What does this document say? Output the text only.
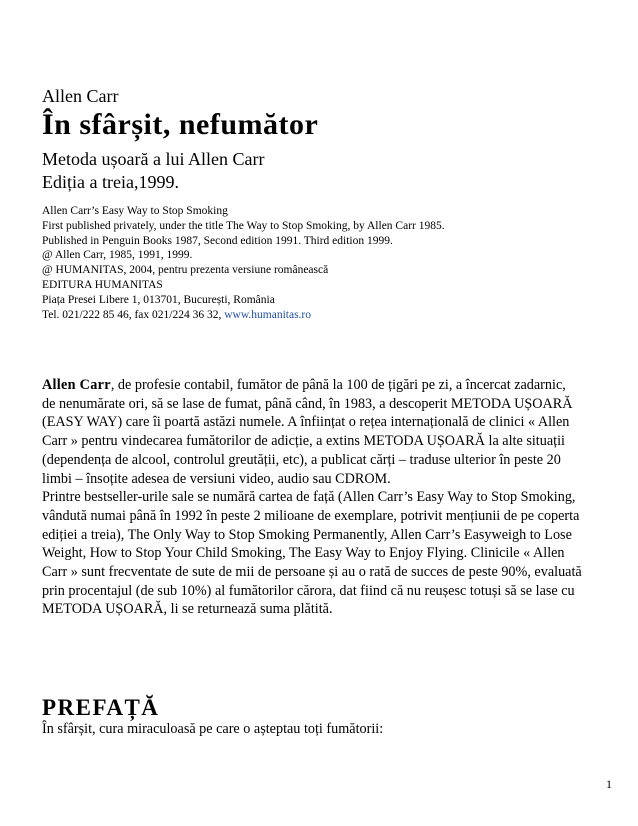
Allen Carr
În sfârșit, nefumător
Metoda ușoară a lui Allen Carr
Ediția a treia,1999.
Allen Carr’s Easy Way to Stop Smoking
First published privately, under the title The Way to Stop Smoking, by Allen Carr 1985.
Published in Penguin Books 1987, Second edition 1991. Third edition 1999.
@ Allen Carr, 1985, 1991, 1999.
@ HUMANITAS, 2004, pentru prezenta versiune românească
EDITURA HUMANITAS
Piața Presei Libere 1, 013701, București, România
Tel. 021/222 85 46, fax 021/224 36 32, www.humanitas.ro
Allen Carr, de profesie contabil, fumător de până la 100 de țigări pe zi, a încercat zadarnic,
de nenumărate ori, să se lase de fumat, până când, în 1983, a descoperit METODA UȘOARĂ
(EASY WAY) care îi poartă astăzi numele. A înființat o rețea internațională de clinici « Allen
Carr » pentru vindecarea fumătorilor de adicție, a extins METODA UȘOARĂ la alte situații
(dependența de alcool, controlul greutății, etc), a publicat cărți – traduse ulterior în peste 20
limbi – însoțite adesea de versiuni video, audio sau CDROM.
Printre bestseller-urile sale se numără cartea de față (Allen Carr’s Easy Way to Stop Smoking,
vândută numai până în 1992 în peste 2 milioane de exemplare, potrivit mențiunii de pe coperta
ediției a treia), The Only Way to Stop Smoking Permanently, Allen Carr’s Easyweigh to Lose
Weight, How to Stop Your Child Smoking, The Easy Way to Enjoy Flying. Clinicile « Allen
Carr » sunt frecventate de sute de mii de persoane și au o rată de succes de peste 90%, evaluată
prin procentajul (de sub 10%) al fumătorilor cărora, dat fiind că nu reușesc totuși să se lase cu
METODA UȘOARĂ, li se returnează suma plătită.
PREFAȚĂ
În sfârșit, cura miraculoasă pe care o așteptau toți fumătorii:
1
